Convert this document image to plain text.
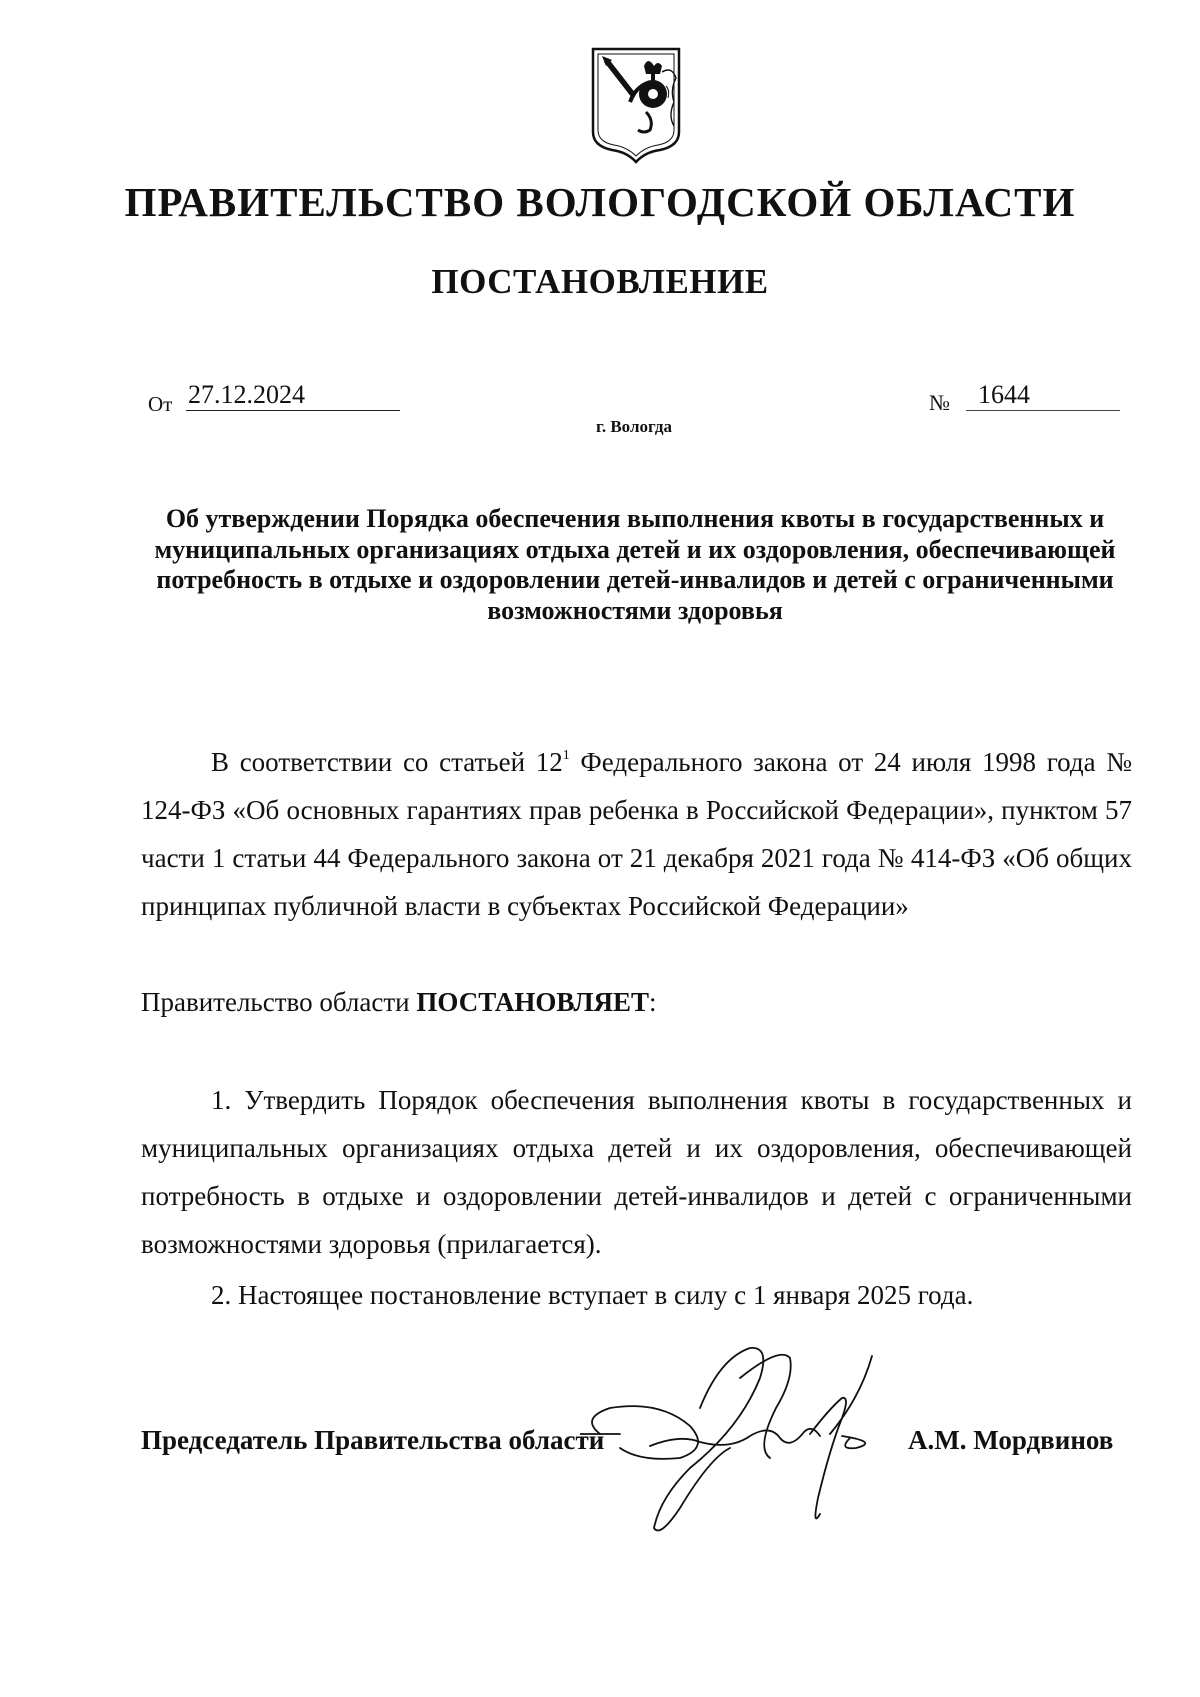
ПРАВИТЕЛЬСТВО ВОЛОГОДСКОЙ ОБЛАСТИ
ПОСТАНОВЛЕНИЕ
От 27.12.2024	№	1644
г. Вологда
Об утверждении Порядка обеспечения выполнения квоты в государственных и муниципальных организациях отдыха детей и их оздоровления, обеспечивающей потребность в отдыхе и оздоровлении детей-инвалидов и детей с ограниченными возможностями здоровья
В соответствии со статьей $12^1$ Федерального закона от 24 июля 1998 года № 124-ФЗ «Об основных гарантиях прав ребенка в Российской Федерации», пунктом 57 части 1 статьи 44 Федерального закона от 21 декабря 2021 года № 414-ФЗ «Об общих принципах публичной власти в субъектах Российской Федерации»
Правительство области ПОСТАНОВЛЯЕТ:
1. Утвердить Порядок обеспечения выполнения квоты в государственных и муниципальных организациях отдыха детей и их оздоровления, обеспечивающей потребность в отдыхе и оздоровлении детей-инвалидов и детей с ограниченными возможностями здоровья (прилагается).
2. Настоящее постановление вступает в силу с 1 января 2025 года.
Председатель Правительства области	А.М. Мордвинов
